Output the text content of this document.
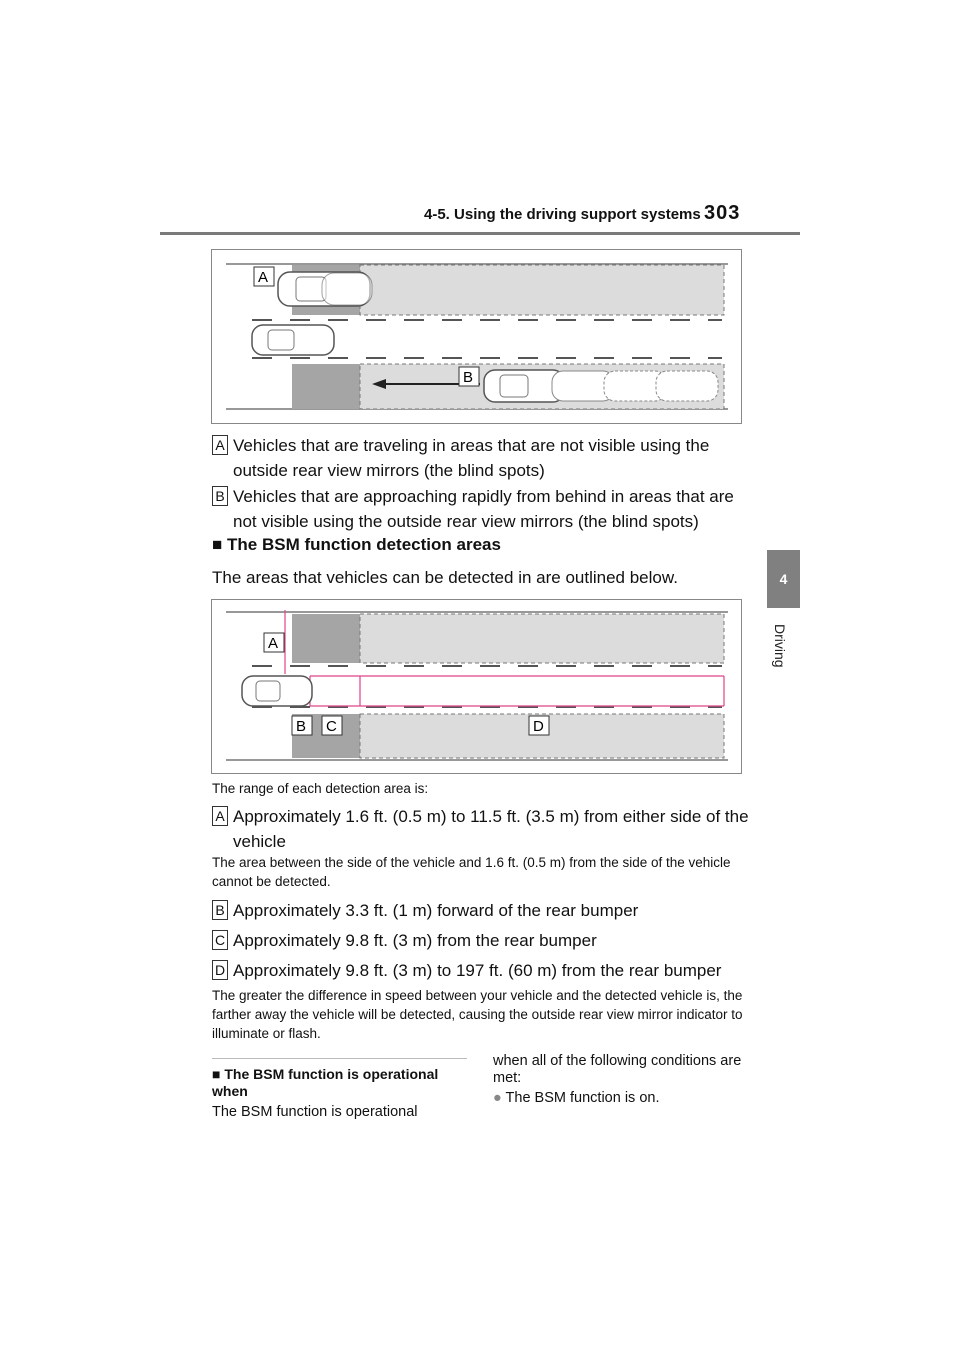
4-5. Using the driving support systems 303
4
Driving
A
B
A Vehicles that are traveling in areas that are not visible using the outside rear view mirrors (the blind spots)
B Vehicles that are approaching rapidly from behind in areas that are not visible using the outside rear view mirrors (the blind spots)
■ The BSM function detection areas
The areas that vehicles can be detected in are outlined below.
A
B C	D
The range of each detection area is:
A Approximately 1.6 ft. (0.5 m) to 11.5 ft. (3.5 m) from either side of the vehicle
The area between the side of the vehicle and 1.6 ft. (0.5 m) from the side of the vehicle cannot be detected.
B Approximately 3.3 ft. (1 m) forward of the rear bumper
C Approximately 9.8 ft. (3 m) from the rear bumper
D Approximately 9.8 ft. (3 m) to 197 ft. (60 m) from the rear bumper
The greater the difference in speed between your vehicle and the detected vehicle is, the farther away the vehicle will be detected, causing the outside rear view mirror indicator to illuminate or flash.
■ The BSM function is operational when
The BSM function is operational
when all of the following conditions are met:
● The BSM function is on.
